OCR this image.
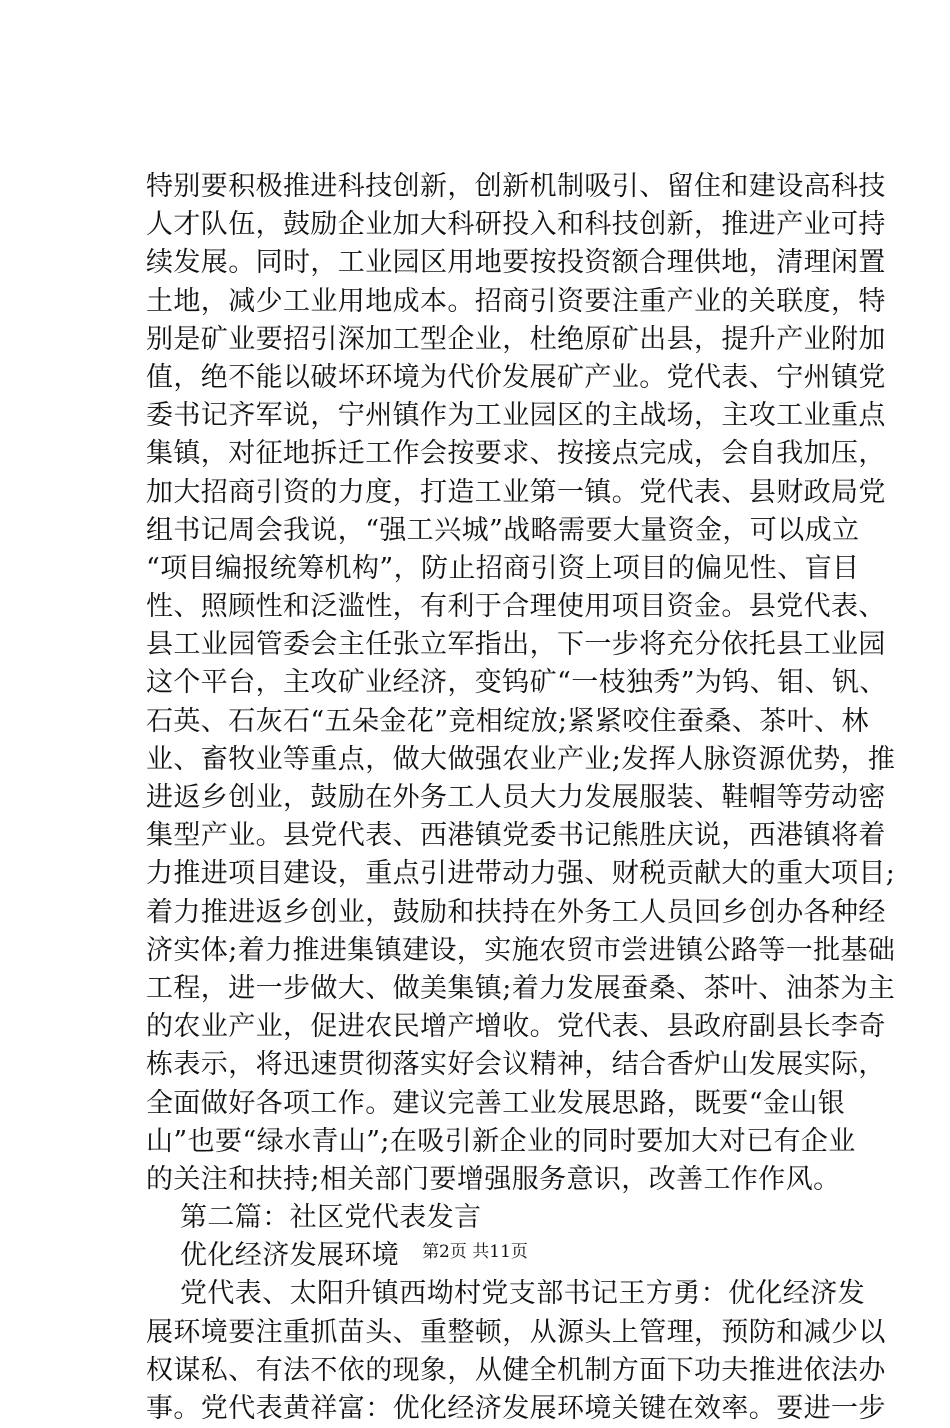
特别要积极推进科技创新，创新机制吸引、留住和建设高科技
人才队伍，鼓励企业加大科研投入和科技创新，推进产业可持
续发展。同时，工业园区用地要按投资额合理供地，清理闲置
土地，减少工业用地成本。招商引资要注重产业的关联度，特
别是矿业要招引深加工型企业，杜绝原矿出县，提升产业附加
值，绝不能以破坏环境为代价发展矿产业。党代表、宁州镇党
委书记齐军说，宁州镇作为工业园区的主战场，主攻工业重点
集镇，对征地拆迁工作会按要求、按接点完成，会自我加压，
加大招商引资的力度，打造工业第一镇。党代表、县财政局党
组书记周会我说，“强工兴城”战略需要大量资金，可以成立
“项目编报统筹机构”，防止招商引资上项目的偏见性、盲目
性、照顾性和泛滥性，有利于合理使用项目资金。县党代表、
县工业园管委会主任张立军指出，下一步将充分依托县工业园
这个平台，主攻矿业经济，变钨矿“一枝独秀”为钨、钼、钒、
石英、石灰石“五朵金花”竞相绽放;紧紧咬住蚕桑、茶叶、林
业、畜牧业等重点，做大做强农业产业;发挥人脉资源优势，推
进返乡创业，鼓励在外务工人员大力发展服装、鞋帽等劳动密
集型产业。县党代表、西港镇党委书记熊胜庆说，西港镇将着
力推进项目建设，重点引进带动力强、财税贡献大的重大项目;
着力推进返乡创业，鼓励和扶持在外务工人员回乡创办各种经
济实体;着力推进集镇建设，实施农贸市尝进镇公路等一批基础
工程，进一步做大、做美集镇;着力发展蚕桑、茶叶、油茶为主
的农业产业，促进农民增产增收。党代表、县政府副县长李奇
栋表示，将迅速贯彻落实好会议精神，结合香炉山发展实际，
全面做好各项工作。建议完善工业发展思路，既要“金山银
山”也要“绿水青山”;在吸引新企业的同时要加大对已有企业
的关注和扶持;相关部门要增强服务意识，改善工作作风。
第二篇：社区党代表发言
优化经济发展环境
党代表、太阳升镇西坳村党支部书记王方勇：优化经济发
展环境要注重抓苗头、重整顿，从源头上管理，预防和减少以
权谋私、有法不依的现象，从健全机制方面下功夫推进依法办
事。党代表黄祥富：优化经济发展环境关键在效率。要进一步
第2页 共11页
